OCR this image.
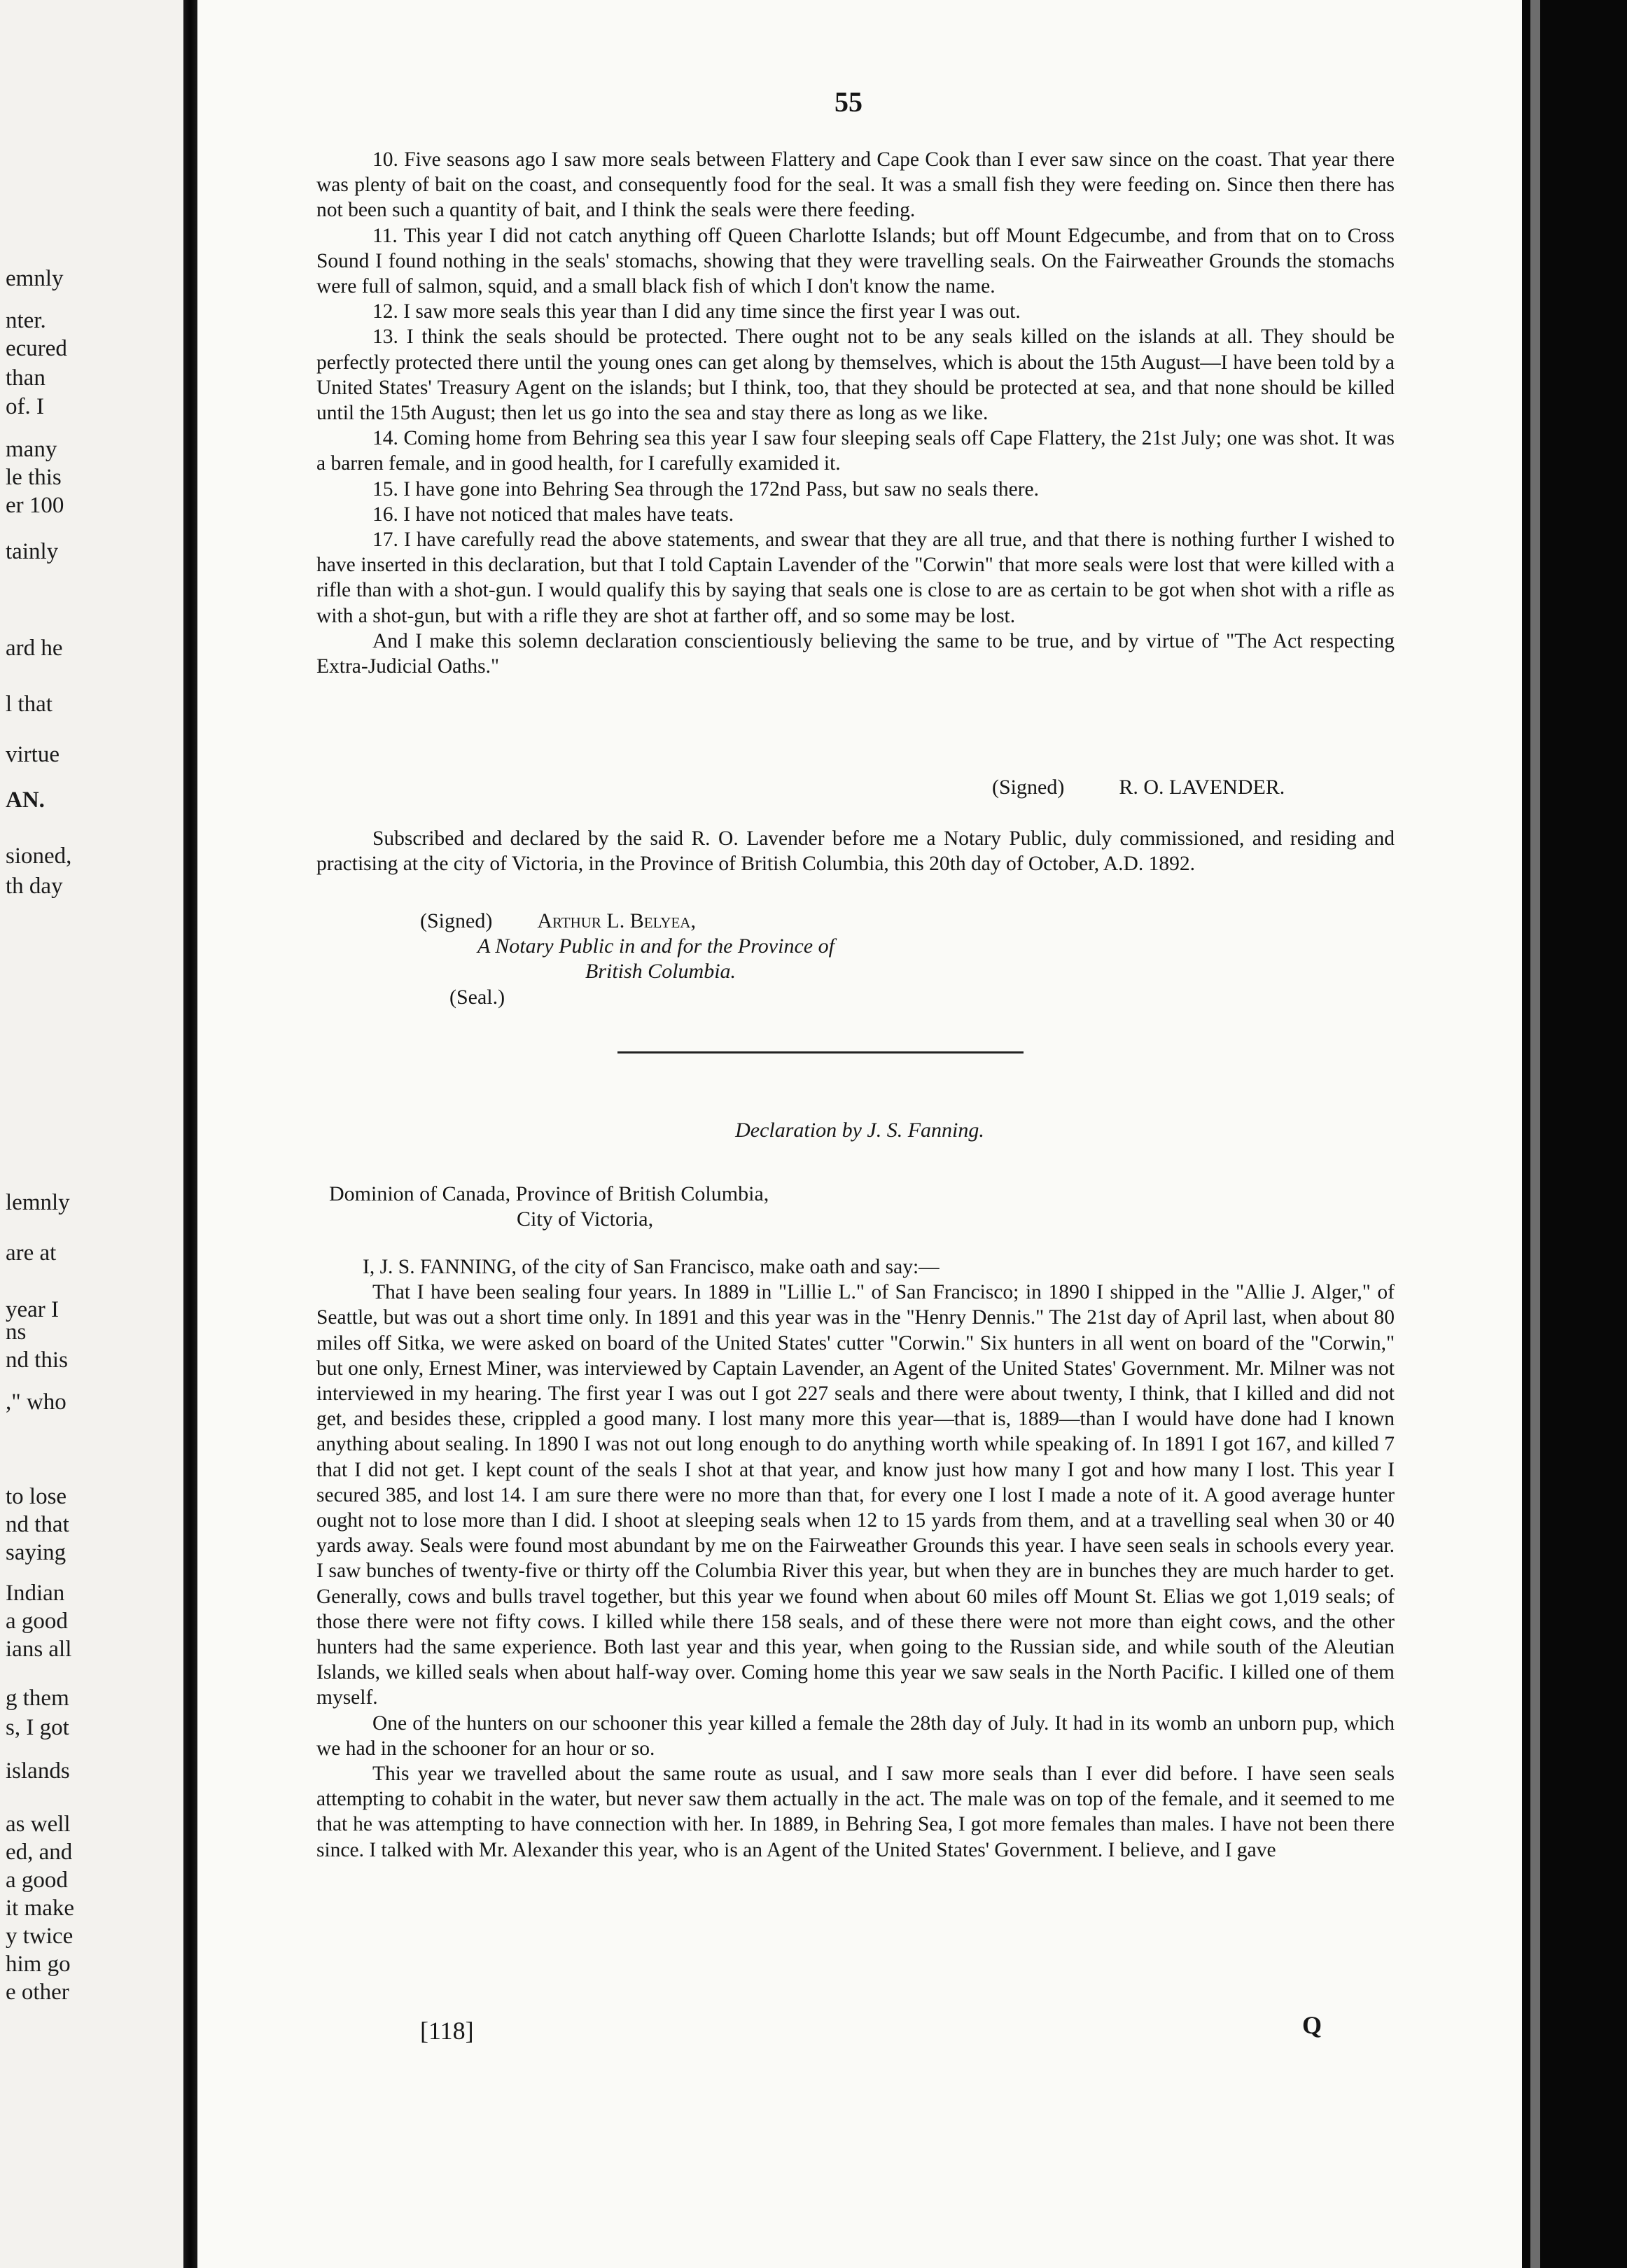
emnly
nter.
ecured
than
of. I
many
le this
er 100
tainly
ard he
l that
virtue
AN.
sioned,
th day
lemnly
are at
year I
ns
nd this
," who
to lose
nd that
saying
Indian
a good
ians all
g them
s, I got
islands
as well
ed, and
a good
it make
y twice
him go
e other
55

10. Five seasons ago I saw more seals between Flattery and Cape Cook than I ever saw since on the coast. That year there was plenty of bait on the coast, and consequently food for the seal. It was a small fish they were feeding on. Since then there has not been such a quantity of bait, and I think the seals were there feeding.

11. This year I did not catch anything off Queen Charlotte Islands; but off Mount Edgecumbe, and from that on to Cross Sound I found nothing in the seals' stomachs, showing that they were travelling seals. On the Fairweather Grounds the stomachs were full of salmon, squid, and a small black fish of which I don't know the name.

12. I saw more seals this year than I did any time since the first year I was out.

13. I think the seals should be protected. There ought not to be any seals killed on the islands at all. They should be perfectly protected there until the young ones can get along by themselves, which is about the 15th August—I have been told by a United States' Treasury Agent on the islands; but I think, too, that they should be protected at sea, and that none should be killed until the 15th August; then let us go into the sea and stay there as long as we like.

14. Coming home from Behring sea this year I saw four sleeping seals off Cape Flattery, the 21st July; one was shot. It was a barren female, and in good health, for I carefully examided it.

15. I have gone into Behring Sea through the 172nd Pass, but saw no seals there.

16. I have not noticed that males have teats.

17. I have carefully read the above statements, and swear that they are all true, and that there is nothing further I wished to have inserted in this declaration, but that I told Captain Lavender of the "Corwin" that more seals were lost that were killed with a rifle than with a shot-gun. I would qualify this by saying that seals one is close to are as certain to be got when shot with a rifle as with a shot-gun, but with a rifle they are shot at farther off, and so some may be lost.

And I make this solemn declaration conscientiously believing the same to be true, and by virtue of "The Act respecting Extra-Judicial Oaths."

(Signed)	R. O. LAVENDER.

Subscribed and declared by the said R. O. Lavender before me a Notary Public, duly commissioned, and residing and practising at the city of Victoria, in the Province of British Columbia, this 20th day of October, A.D. 1892.

(Signed) Arthur L. Belyea,
A Notary Public in and for the Province of
British Columbia.
(Seal.)
Declaration by J. S. Fanning.
Dominion of Canada, Province of British Columbia,
City of Victoria,

I, J. S. FANNING, of the city of San Francisco, make oath and say:—

That I have been sealing four years. In 1889 in "Lillie L." of San Francisco; in 1890 I shipped in the "Allie J. Alger," of Seattle, but was out a short time only. In 1891 and this year was in the "Henry Dennis." The 21st day of April last, when about 80 miles off Sitka, we were asked on board of the United States' cutter "Corwin." Six hunters in all went on board of the "Corwin," but one only, Ernest Miner, was interviewed by Captain Lavender, an Agent of the United States' Government. Mr. Milner was not interviewed in my hearing. The first year I was out I got 227 seals and there were about twenty, I think, that I killed and did not get, and besides these, crippled a good many. I lost many more this year—that is, 1889—than I would have done had I known anything about sealing. In 1890 I was not out long enough to do anything worth while speaking of. In 1891 I got 167, and killed 7 that I did not get. I kept count of the seals I shot at that year, and know just how many I got and how many I lost. This year I secured 385, and lost 14. I am sure there were no more than that, for every one I lost I made a note of it. A good average hunter ought not to lose more than I did. I shoot at sleeping seals when 12 to 15 yards from them, and at a travelling seal when 30 or 40 yards away. Seals were found most abundant by me on the Fairweather Grounds this year. I have seen seals in schools every year. I saw bunches of twenty-five or thirty off the Columbia River this year, but when they are in bunches they are much harder to get. Generally, cows and bulls travel together, but this year we found when about 60 miles off Mount St. Elias we got 1,019 seals; of those there were not fifty cows. I killed while there 158 seals, and of these there were not more than eight cows, and the other hunters had the same experience. Both last year and this year, when going to the Russian side, and while south of the Aleutian Islands, we killed seals when about half-way over. Coming home this year we saw seals in the North Pacific. I killed one of them myself.

One of the hunters on our schooner this year killed a female the 28th day of July. It had in its womb an unborn pup, which we had in the schooner for an hour or so.

This year we travelled about the same route as usual, and I saw more seals than I ever did before. I have seen seals attempting to cohabit in the water, but never saw them actually in the act. The male was on top of the female, and it seemed to me that he was attempting to have connection with her. In 1889, in Behring Sea, I got more females than males. I have not been there since. I talked with Mr. Alexander this year, who is an Agent of the United States' Government. I believe, and I gave

[118]	Q
